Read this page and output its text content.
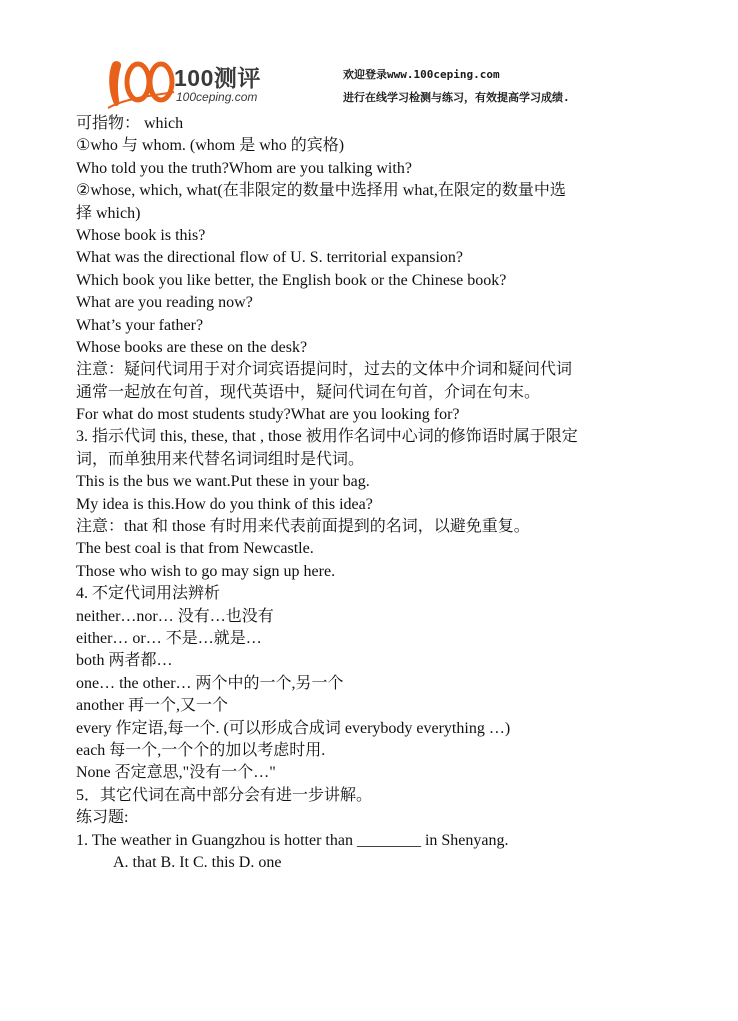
100测评
100ceping.com
欢迎登录www.100ceping.com
进行在线学习检测与练习，有效提高学习成绩.
可指物： which
①who 与 whom. (whom 是 who 的宾格)
Who told you the truth?Whom are you talking with?
②whose, which, what(在非限定的数量中选择用 what,在限定的数量中选
择 which)
Whose book is this?
What was the directional flow of U. S. territorial expansion?
Which book you like better, the English book or the Chinese book?
What are you reading now?
What’s your father?
Whose books are these on the desk?
注意：疑问代词用于对介词宾语提问时，过去的文体中介词和疑问代词
通常一起放在句首，现代英语中，疑问代词在句首，介词在句末。
For what do most students study?What are you looking for?
3. 指示代词 this, these, that , those 被用作名词中心词的修饰语时属于限定
词，而单独用来代替名词词组时是代词。
This is the bus we want.Put these in your bag.
My idea is this.How do you think of this idea?
注意：that 和 those 有时用来代表前面提到的名词，以避免重复。
The best coal is that from Newcastle.
Those who wish to go may sign up here.
4. 不定代词用法辨析
neither…nor… 没有…也没有
either… or… 不是…就是…
both 两者都…
one… the other… 两个中的一个,另一个
another 再一个,又一个
every 作定语,每一个. (可以形成合成词 everybody everything …)
each 每一个,一个个的加以考虑时用.
None 否定意思,"没有一个…"
5．其它代词在高中部分会有进一步讲解。
练习题:
1. The weather in Guangzhou is hotter than ________ in Shenyang.
A. that B. It C. this D. one
